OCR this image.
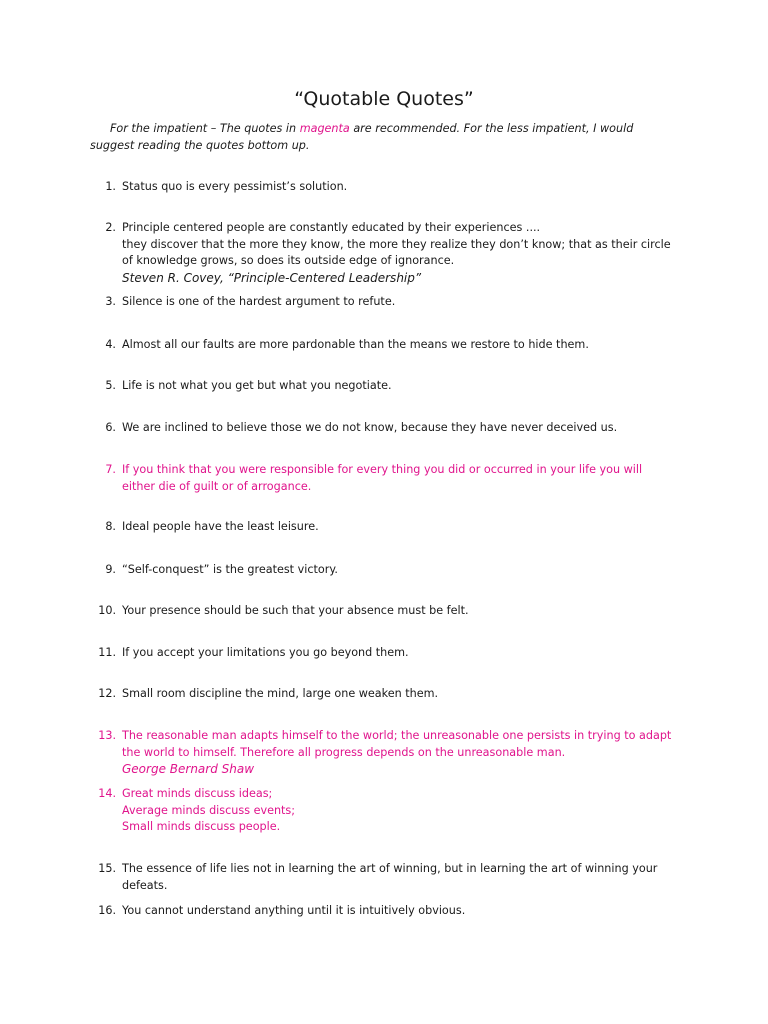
“Quotable Quotes”

For the impatient – The quotes in magenta are recommended. For the less impatient, I would suggest reading the quotes bottom up.

1. Status quo is every pessimist’s solution.
2. Principle centered people are constantly educated by their experiences ....
they discover that the more they know, the more they realize they don’t know; that as their circle of knowledge grows, so does its outside edge of ignorance.
Steven R. Covey, “Principle-Centered Leadership”
3. Silence is one of the hardest argument to refute.
4. Almost all our faults are more pardonable than the means we restore to hide them.
5. Life is not what you get but what you negotiate.
6. We are inclined to believe those we do not know, because they have never deceived us.
7. If you think that you were responsible for every thing you did or occurred in your life you will either die of guilt or of arrogance.
8. Ideal people have the least leisure.
9. “Self-conquest” is the greatest victory.
10. Your presence should be such that your absence must be felt.
11. If you accept your limitations you go beyond them.
12. Small room discipline the mind, large one weaken them.
13. The reasonable man adapts himself to the world; the unreasonable one persists in trying to adapt the world to himself. Therefore all progress depends on the unreasonable man.
George Bernard Shaw
14. Great minds discuss ideas;
Average minds discuss events;
Small minds discuss people.
15. The essence of life lies not in learning the art of winning, but in learning the art of winning your defeats.
16. You cannot understand anything until it is intuitively obvious.
